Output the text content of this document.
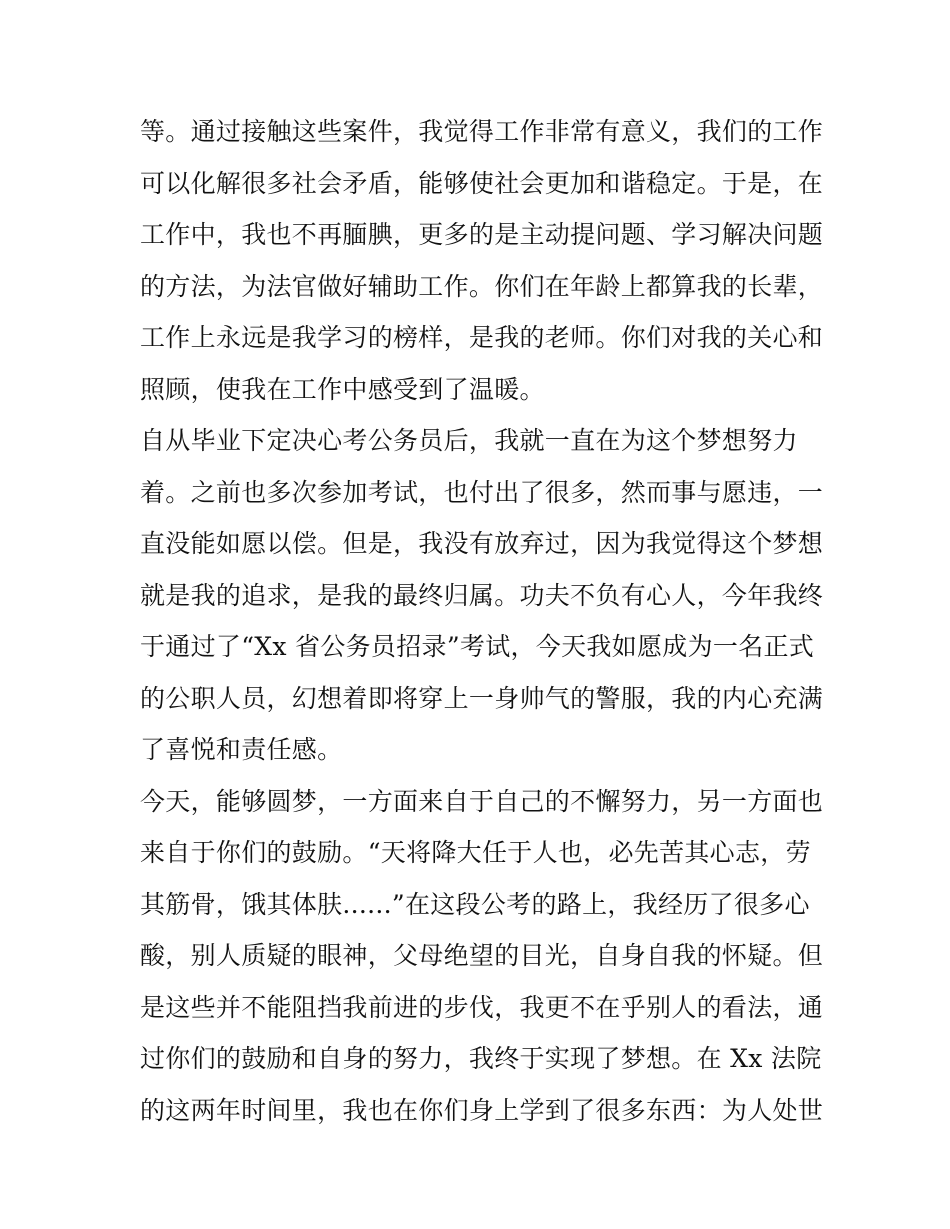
等。通过接触这些案件，我觉得工作非常有意义，我们的工作
可以化解很多社会矛盾，能够使社会更加和谐稳定。于是，在
工作中，我也不再腼腆，更多的是主动提问题、学习解决问题
的方法，为法官做好辅助工作。你们在年龄上都算我的长辈，
工作上永远是我学习的榜样，是我的老师。你们对我的关心和
照顾，使我在工作中感受到了温暖。
自从毕业下定决心考公务员后，我就一直在为这个梦想努力
着。之前也多次参加考试，也付出了很多，然而事与愿违，一
直没能如愿以偿。但是，我没有放弃过，因为我觉得这个梦想
就是我的追求，是我的最终归属。功夫不负有心人，今年我终
于通过了“Xx 省公务员招录”考试，今天我如愿成为一名正式
的公职人员，幻想着即将穿上一身帅气的警服，我的内心充满
了喜悦和责任感。
今天，能够圆梦，一方面来自于自己的不懈努力，另一方面也
来自于你们的鼓励。“天将降大任于人也，必先苦其心志，劳
其筋骨，饿其体肤......”在这段公考的路上，我经历了很多心
酸，别人质疑的眼神，父母绝望的目光，自身自我的怀疑。但
是这些并不能阻挡我前进的步伐，我更不在乎别人的看法，通
过你们的鼓励和自身的努力，我终于实现了梦想。在 Xx 法院
的这两年时间里，我也在你们身上学到了很多东西：为人处世
